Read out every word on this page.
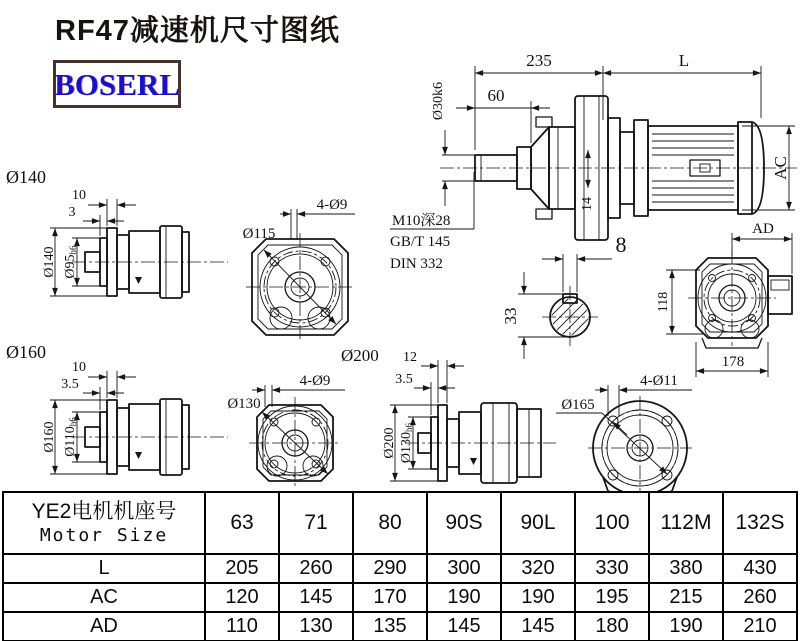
RF47减速机尺寸图纸
BOSERL
235	L
60
Ø30k6
14
AC
M10深28
GB/T 145
DIN 332
Ø140
10
3
Ø140 Ø95h6
4-Ø9
Ø115	8
33
AD
118
178
Ø160
10
3.5
Ø160 Ø110h6
4-Ø9
Ø130
Ø200 12
3.5
Ø200 Ø130h6
4-Ø11
Ø165
YE2电机机座号
Motor Size	63	71	80	90S	90L	100	112M	132S
L	205	260	290	300	320	330	380	430
AC	120	145	170	190	190	195	215	260
AD	110	130	135	145	145	180	190	210
